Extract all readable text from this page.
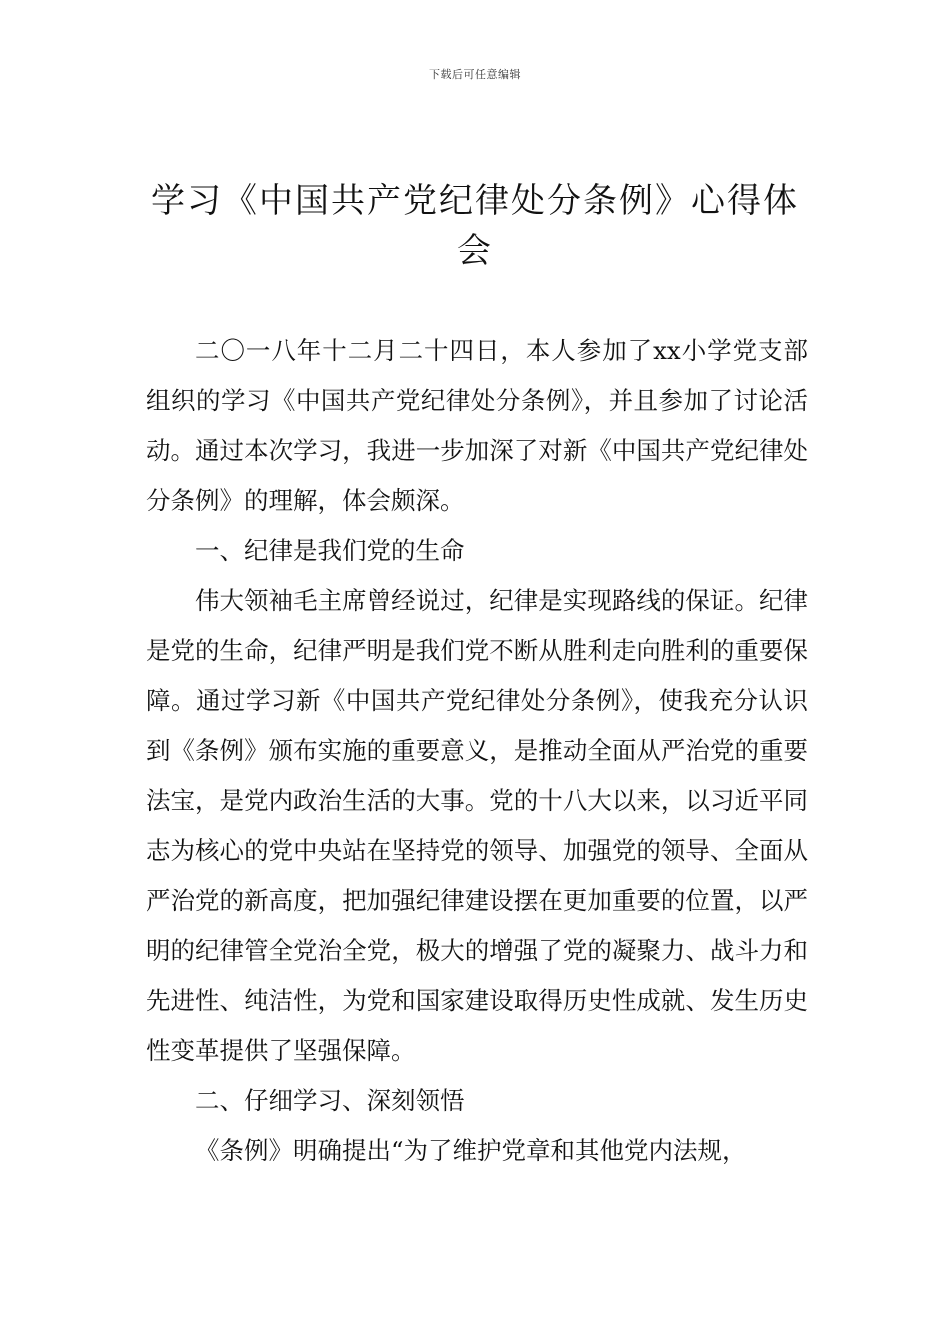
下载后可任意编辑
学习《中国共产党纪律处分条例》心得体会

二〇一八年十二月二十四日，本人参加了xx小学党支部组织的学习《中国共产党纪律处分条例》，并且参加了讨论活动。通过本次学习，我进一步加深了对新《中国共产党纪律处分条例》的理解，体会颇深。

一、纪律是我们党的生命

伟大领袖毛主席曾经说过，纪律是实现路线的保证。纪律是党的生命，纪律严明是我们党不断从胜利走向胜利的重要保障。通过学习新《中国共产党纪律处分条例》，使我充分认识到《条例》颁布实施的重要意义，是推动全面从严治党的重要法宝，是党内政治生活的大事。党的十八大以来，以习近平同志为核心的党中央站在坚持党的领导、加强党的领导、全面从严治党的新高度，把加强纪律建设摆在更加重要的位置，以严明的纪律管全党治全党，极大的增强了党的凝聚力、战斗力和先进性、纯洁性，为党和国家建设取得历史性成就、发生历史性变革提供了坚强保障。

二、仔细学习、深刻领悟

《条例》明确提出“为了维护党章和其他党内法规，
